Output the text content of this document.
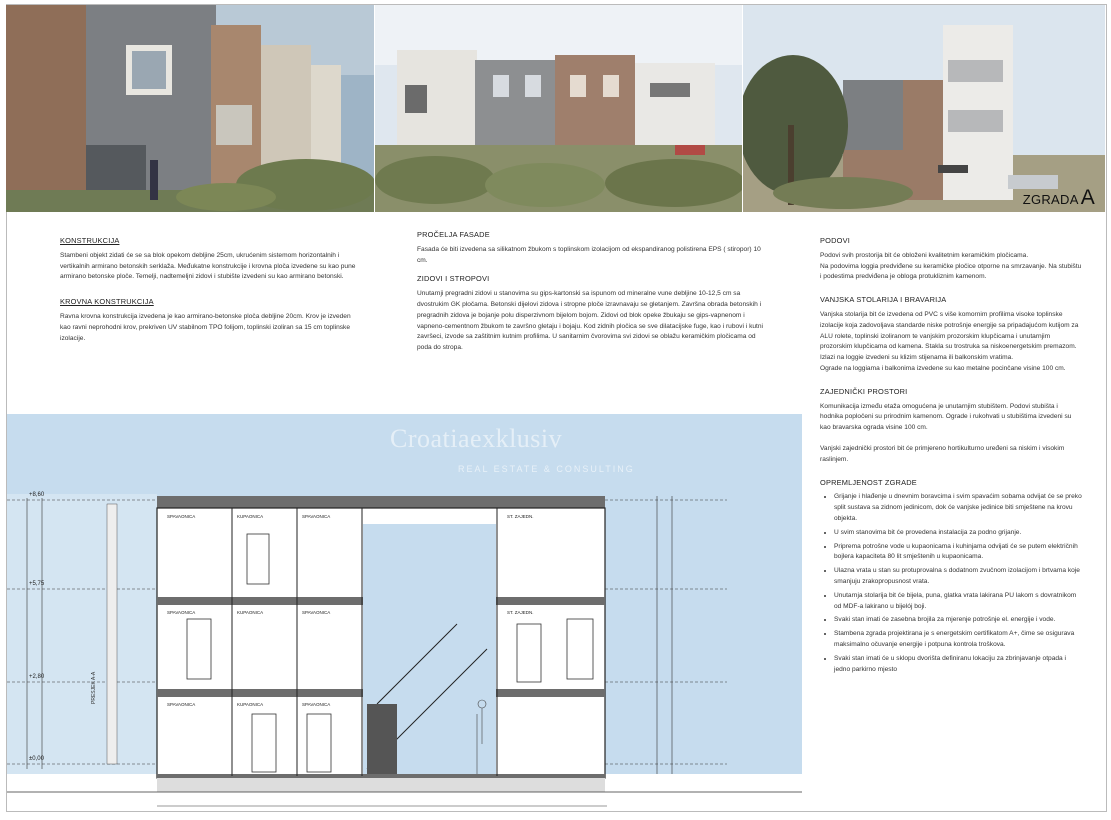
ZGRADAA
KONSTRUKCIJA

Stambeni objekt zidati će se sa blok opekom debljine 25cm, ukrućenim sistemom horizontalnih i vertikalnih armirano betonskih serklaža. Međukatne konstrukcije i krovna ploča izvedene su kao pune armirano betonske ploče. Temelji, nadtemeljni zidovi i stubište izvedeni su kao armirano betonski.

KROVNA KONSTRUKCIJA

Ravna krovna konstrukcija izvedena je kao armirano-betonske ploča debljine 20cm. Krov je izveden kao ravni neprohodni krov, prekriven UV stabilnom TPO folijom, toplinski izoliran sa 15 cm toplinske izolacije.

PROČELJA FASADE

Fasada će biti izvedena sa silikatnom žbukom s toplinskom izolacijom od ekspandiranog polistirena EPS ( stiropor) 10 cm.

ZIDOVI I STROPOVI

Unutarnji pregradni zidovi u stanovima su gips-kartonski sa ispunom od mineralne vune debljine 10-12,5 cm sa dvostrukim GK pločama. Betonski dijelovi zidova i stropne ploče izravnavaju se gletanjem. Završna obrada betonskih i pregradnih zidova je bojanje polu disperzivnom bijelom bojom. Zidovi od blok opeke žbukaju se gips-vapnenom i vapneno-cementnom žbukom te završno gletaju i bojaju. Kod zidnih pločica se sve dilatacijske fuge, kao i rubovi i kutni završeci, izvode sa zaštitnim kutnim profilima. U sanitarnim čvorovima svi zidovi se oblažu keramičkim pločicama od poda do stropa.

PODOVI

Podovi svih prostorija bit će obloženi kvalitetnim keramičkim pločicama.

Na podovima loggia predviđene su keramičke pločice otporne na smrzavanje. Na stubištu i podestima predviđena je obloga protukliznim kamenom.

VANJSKA STOLARIJA I BRAVARIJA

Vanjska stolarija bit će izvedena od PVC s više komornim profilima visoke toplinske izolacije koja zadovoljava standarde niske potrošnje energije sa pripadajućom kutijom za ALU rolete, toplinski izoliranom te vanjskim prozorskim klupčicama i unutarnjim prozorskim klupčicama od kamena. Stakla su trostruka sa niskoenergetskim premazom. Izlazi na loggie izvedeni su klizim stijenama ili balkonskim vratima.

Ograde na loggiama i balkonima izvedene su kao metalne pocinčane visine 100 cm.

ZAJEDNIČKI PROSTORI

Komunikacija između etaža omogućena je unutarnjim stubištem. Podovi stubišta i hodnika popločeni su prirodnim kamenom. Ograde i rukohvati u stubištima izvedeni su kao bravarska ograda visine 100 cm.

Vanjski zajednički prostori bit će primjereno hortikulturno uređeni sa niskim i visokim raslinjem.

OPREMLJENOST ZGRADE
• Grijanje i hlađenje u dnevnim boravcima i svim spavaćim sobama odvijat će se preko split sustava sa zidnom jedinicom, dok će vanjske jedinice biti smještene na krovu objekta.
• U svim stanovima bit će provedena instalacija za podno grijanje.
• Priprema potrošne vode u kupaonicama i kuhinjama odvijati će se putem električnih bojlera kapaciteta 80 lit smještenih u kupaonicama.
• Ulazna vrata u stan su protuprovalna s dodatnom zvučnom izolacijom i brtvama koje smanjuju zrakopropusnost vrata.
• Unutarnja stolarija bit će bijela, puna, glatka vrata lakirana PU lakom s dovratnikom od MDF-a lakirano u bijelój boji.
• Svaki stan imati će zasebna brojila za mjerenje potrošnje el. energije i vode.
• Stambena zgrada projektirana je s energetskim certifikatom A+, čime se osigurava maksimalno očuvanje energije i potpuna kontrola troškova.
• Svaki stan imati će u sklopu dvorišta definiranu lokaciju za zbrinjavanje otpada i jedno parkirno mjesto
+8,60
+5,75
+2,80
±0,00
SPAVAONICA	KUPAONICA	SPAVAONICA	ST. ZAJEDN.
SPAVAONICA	KUPAONICA	SPAVAONICA	ST. ZAJEDN.
SPAVAONICA	KUPAONICA	SPAVAONICA
PRESJEK A-A
Croatiaexklusiv
REAL ESTATE & CONSULTING
